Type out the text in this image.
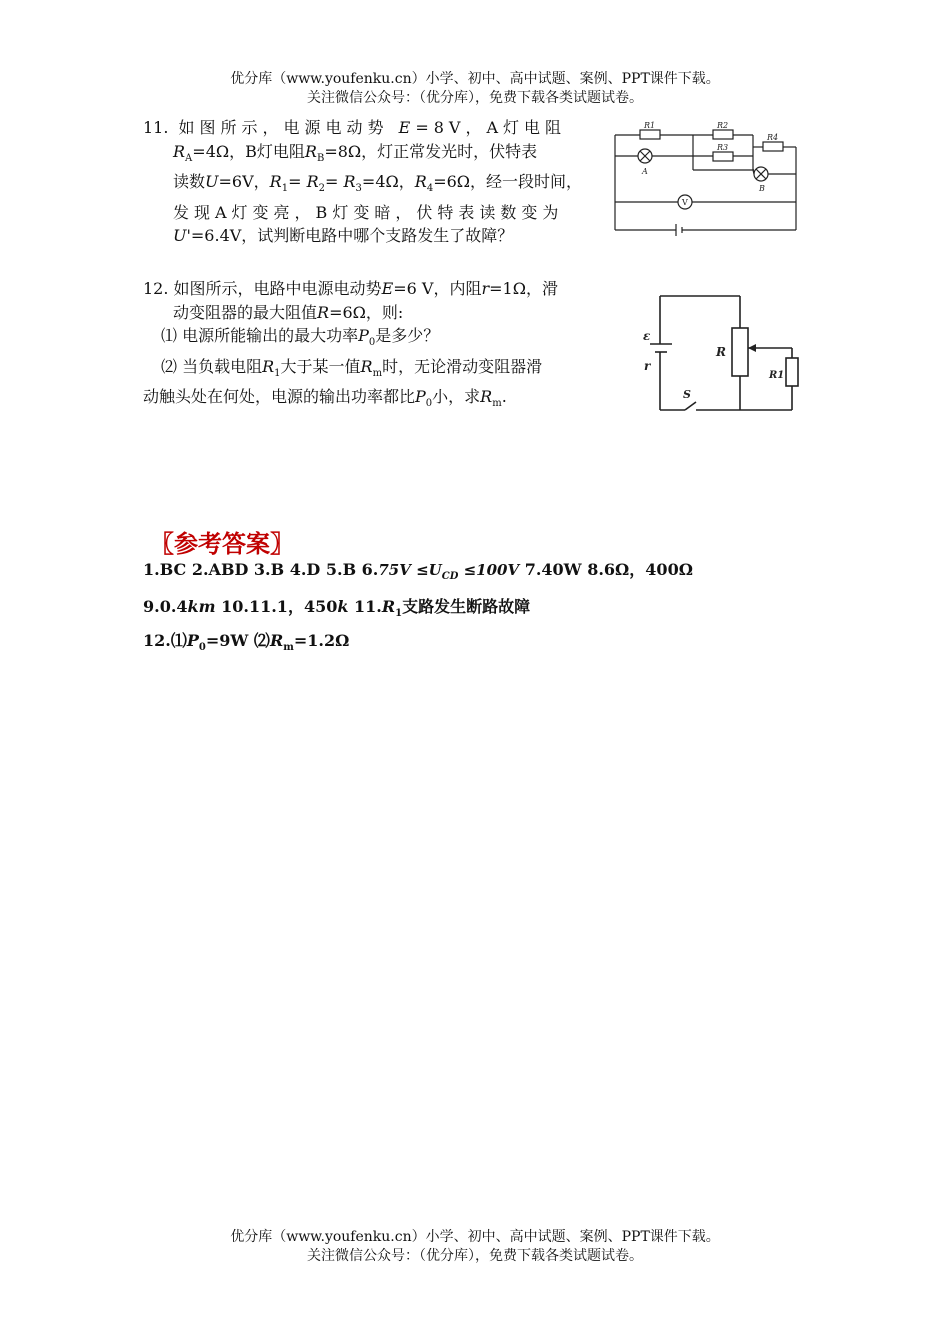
优分库（www.youfenku.cn）小学、初中、高中试题、案例、PPT课件下载。
关注微信公众号：（优分库），免费下载各类试题试卷。
11. 如图所示，电源电动势 E=8V，A灯电阻
$R_A=4\Omega$，B灯电阻$R_B=8\Omega$，灯正常发光时，伏特表
读数U=6V，$R_1= R_2= R_3=4\Omega$，$R_4=6\Omega$，经一段时间，
发现A灯变亮，B灯变暗，伏特表读数变为
U'=6.4V，试判断电路中哪个支路发生了故障？
R1	R2
R3
R4
A
B
V
12. 如图所示，电路中电源电动势E=6 V，内阻r=1Ω，滑
动变阻器的最大阻值R=6Ω，则:
⑴ 电源所能输出的最大功率$P_0$是多少？
⑵ 当负载电阻$R_1$大于某一值$R_m$时，无论滑动变阻器滑
动触头处在何处，电源的输出功率都比$P_0$小，求$R_m$.
ε
r
R
R1
S
〖参考答案〗
1.BC 2.ABD 3.B 4.D 5.B $6.75V \le U_{CD} \le 100V$ 7.40W 8.6Ω，400Ω
9.0.4km 10.11.1，450k $11.R_1$支路发生断路故障
$12.⑴P_0=9W$ $⑵R_m=1.2\Omega$
优分库（www.youfenku.cn）小学、初中、高中试题、案例、PPT课件下载。
关注微信公众号：（优分库），免费下载各类试题试卷。
